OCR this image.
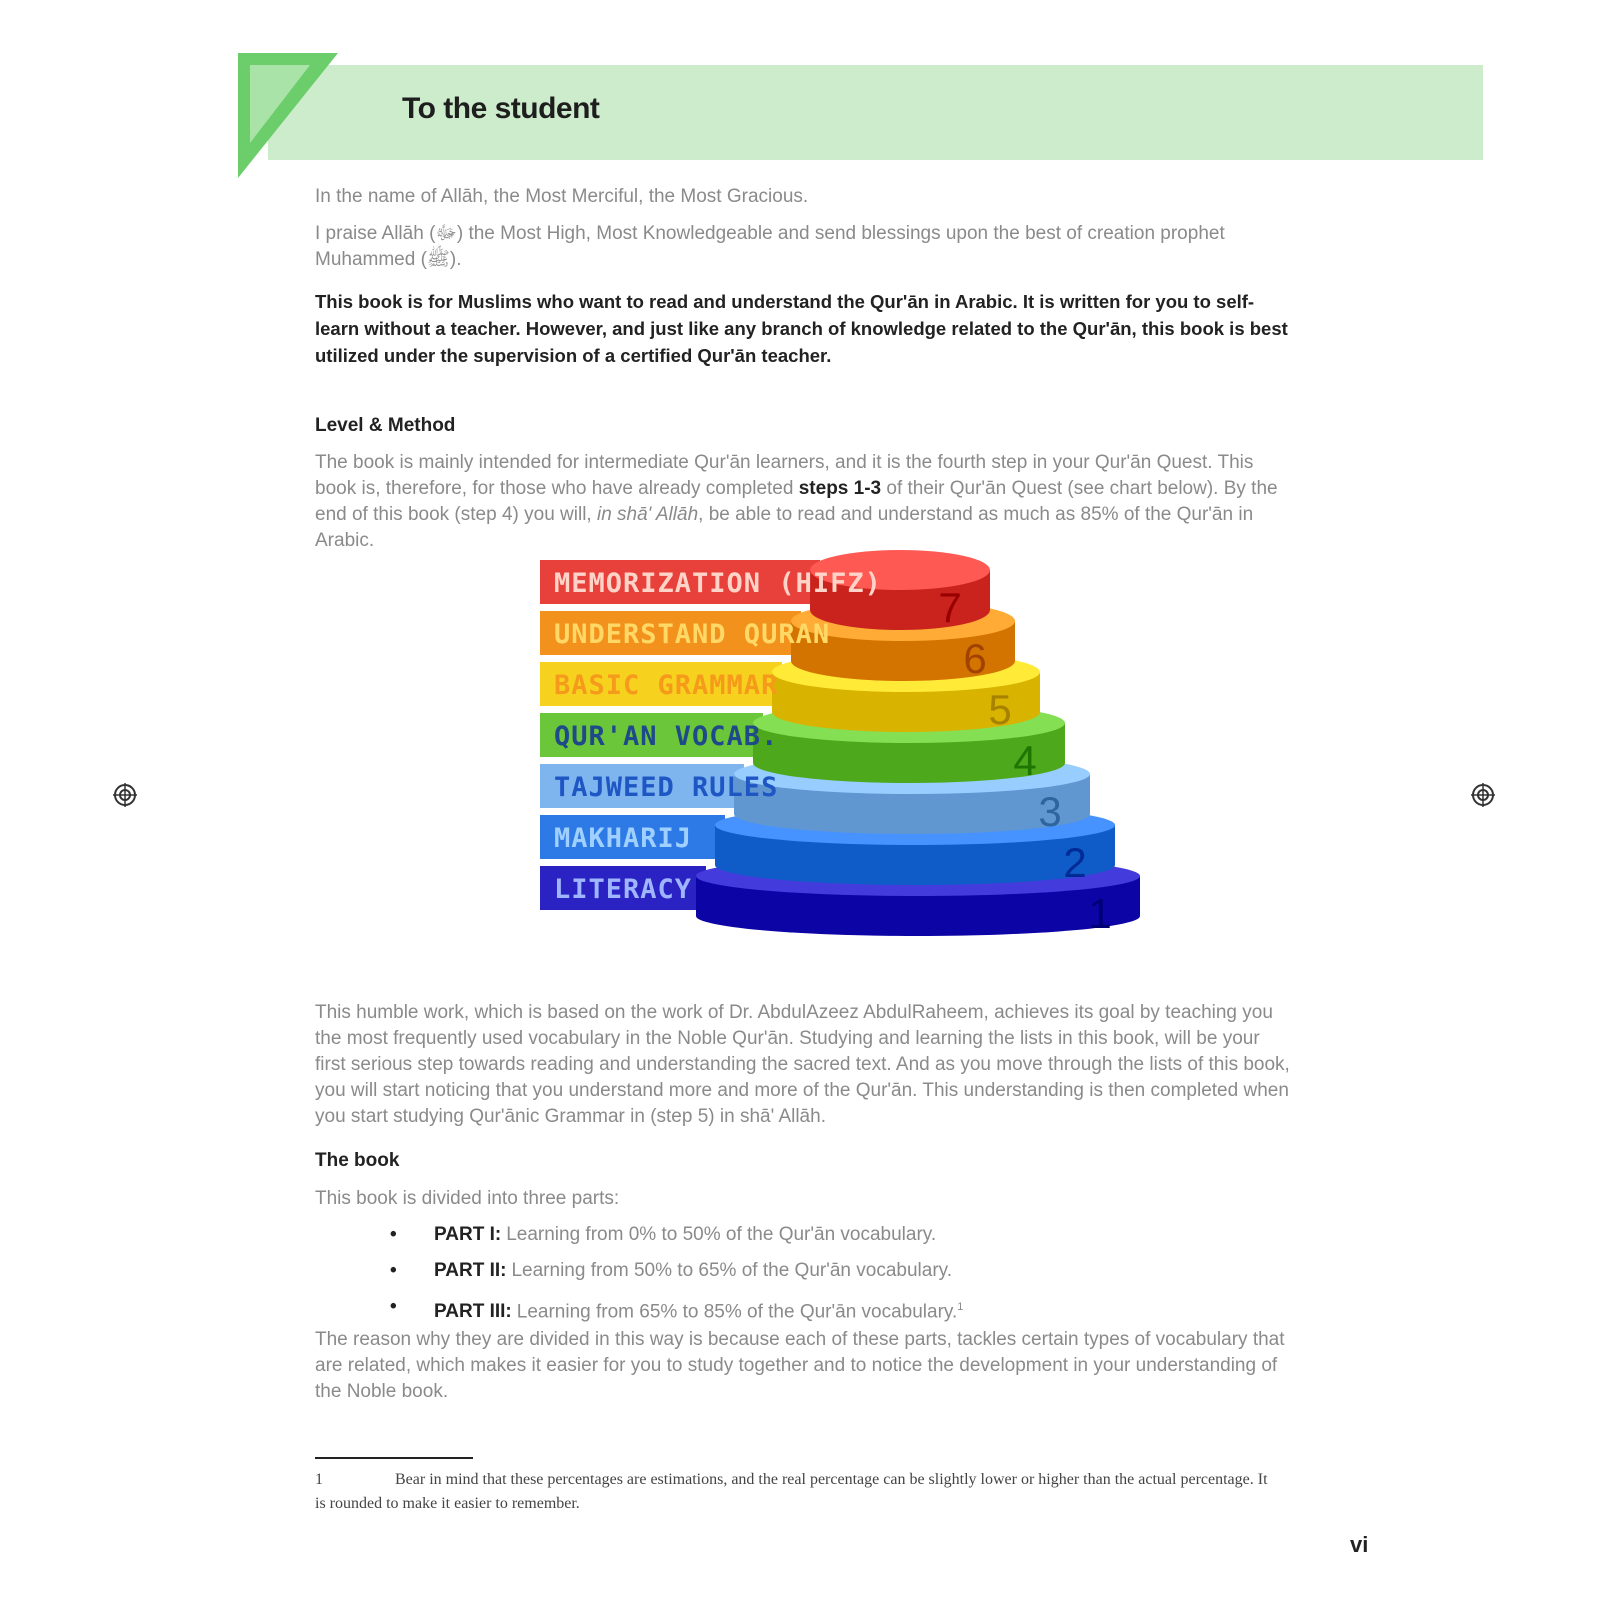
To the student

In the name of Allāh, the Most Merciful, the Most Gracious.

I praise Allāh (ﷻ) the Most High, Most Knowledgeable and send blessings upon the best of creation prophet Muhammed (ﷺ).

This book is for Muslims who want to read and understand the Qur'ān in Arabic. It is written for you to self-learn without a teacher. However, and just like any branch of knowledge related to the Qur'ān, this book is best utilized under the supervision of a certified Qur'ān teacher.

Level & Method

The book is mainly intended for intermediate Qur'ān learners, and it is the fourth step in your Qur'ān Quest. This book is, therefore, for those who have already completed steps 1-3 of their Qur'ān Quest (see chart below). By the end of this book (step 4) you will, in shā' Allāh, be able to read and understand as much as 85% of the Qur'ān in Arabic.

LITERACY
1
MAKHARIJ
2
TAJWEED RULES
3
QUR'AN VOCAB.
4
BASIC GRAMMAR
5
UNDERSTAND QURAN
6
MEMORIZATION (HIFZ)
7

This humble work, which is based on the work of Dr. AbdulAzeez AbdulRaheem, achieves its goal by teaching you the most frequently used vocabulary in the Noble Qur'ān. Studying and learning the lists in this book, will be your first serious step towards reading and understanding the sacred text. And as you move through the lists of this book, you will start noticing that you understand more and more of the Qur'ān. This understanding is then completed when you start studying Qur'ānic Grammar in (step 5) in shā' Allāh.

The book

This book is divided into three parts:

• PART I: Learning from 0% to 50% of the Qur'ān vocabulary.
• PART II: Learning from 50% to 65% of the Qur'ān vocabulary.
• PART III: Learning from 65% to 85% of the Qur'ān vocabulary.$^1$

The reason why they are divided in this way is because each of these parts, tackles certain types of vocabulary that are related, which makes it easier for you to study together and to notice the development in your understanding of the Noble book.

1	Bear in mind that these percentages are estimations, and the real percentage can be slightly lower or higher than the actual percentage. It is rounded to make it easier to remember.

vi
